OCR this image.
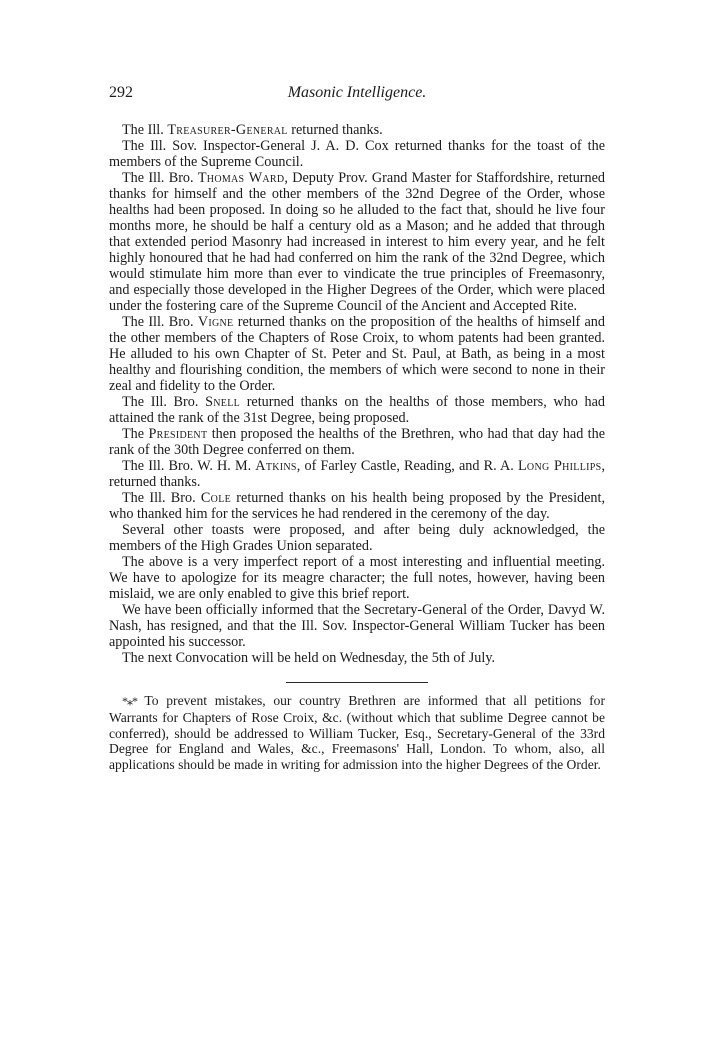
292	Masonic Intelligence.

The Ill. Treasurer-General returned thanks.

The Ill. Sov. Inspector-General J. A. D. Cox returned thanks for the toast of the members of the Supreme Council.

The Ill. Bro. Thomas Ward, Deputy Prov. Grand Master for Staffordshire, returned thanks for himself and the other members of the 32nd Degree of the Order, whose healths had been proposed. In doing so he alluded to the fact that, should he live four months more, he should be half a century old as a Mason; and he added that through that extended period Masonry had increased in interest to him every year, and he felt highly honoured that he had had conferred on him the rank of the 32nd Degree, which would stimulate him more than ever to vindicate the true principles of Freemasonry, and especially those developed in the Higher Degrees of the Order, which were placed under the fostering care of the Supreme Council of the Ancient and Accepted Rite.

The Ill. Bro. Vigne returned thanks on the proposition of the healths of himself and the other members of the Chapters of Rose Croix, to whom patents had been granted. He alluded to his own Chapter of St. Peter and St. Paul, at Bath, as being in a most healthy and flourishing condition, the members of which were second to none in their zeal and fidelity to the Order.

The Ill. Bro. Snell returned thanks on the healths of those members, who had attained the rank of the 31st Degree, being proposed.

The President then proposed the healths of the Brethren, who had that day had the rank of the 30th Degree conferred on them.

The Ill. Bro. W. H. M. Atkins, of Farley Castle, Reading, and R. A. Long Phillips, returned thanks.

The Ill. Bro. Cole returned thanks on his health being proposed by the President, who thanked him for the services he had rendered in the ceremony of the day.

Several other toasts were proposed, and after being duly acknowledged, the members of the High Grades Union separated.

The above is a very imperfect report of a most interesting and influential meeting. We have to apologize for its meagre character; the full notes, however, having been mislaid, we are only enabled to give this brief report.

We have been officially informed that the Secretary-General of the Order, Davyd W. Nash, has resigned, and that the Ill. Sov. Inspector-General William Tucker has been appointed his successor.

The next Convocation will be held on Wednesday, the 5th of July.

*⁎* To prevent mistakes, our country Brethren are informed that all petitions for Warrants for Chapters of Rose Croix, &c. (without which that sublime Degree cannot be conferred), should be addressed to William Tucker, Esq., Secretary-General of the 33rd Degree for England and Wales, &c., Freemasons' Hall, London. To whom, also, all applications should be made in writing for admission into the higher Degrees of the Order.
